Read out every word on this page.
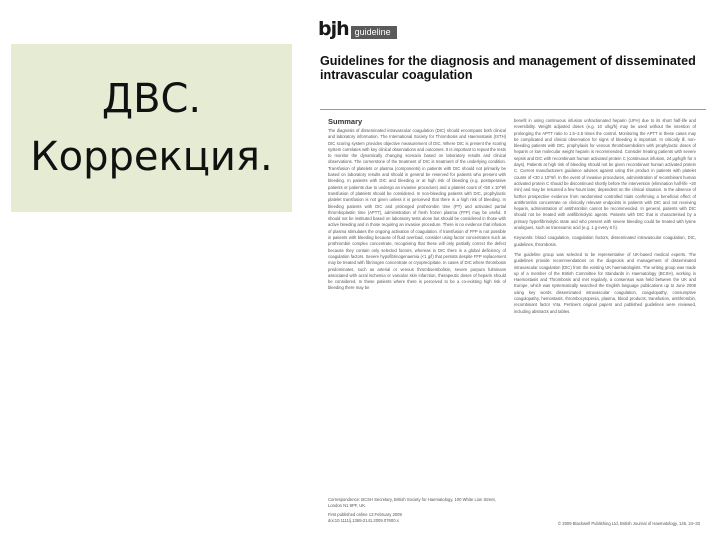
ДВС.
Коррекция.
bjh guideline
Guidelines for the diagnosis and management of disseminated intravascular coagulation
Summary

The diagnosis of disseminated intravascular coagulation (DIC) should encompass both clinical and laboratory information. The International Society for Thrombosis and Haemostasis (ISTH) DIC scoring system provides objective measurement of DIC. Where DIC is present the scoring system correlates with key clinical observations and outcomes. It is important to repeat the tests to monitor the dynamically changing scenario based on laboratory results and clinical observations. The cornerstone of the treatment of DIC is treatment of the underlying condition. Transfusion of platelets or plasma (components) in patients with DIC should not primarily be based on laboratory results and should in general be reserved for patients who present with bleeding. In patients with DIC and bleeding or at high risk of bleeding (e.g. postoperative patients or patients due to undergo an invasive procedure) and a platelet count of <50 x 10^9/l transfusion of platelets should be considered. In non-bleeding patients with DIC, prophylactic platelet transfusion is not given unless it is perceived that there is a high risk of bleeding. In bleeding patients with DIC and prolonged prothrombin time (PT) and activated partial thromboplastin time (APTT), administration of fresh frozen plasma (FFP) may be useful. It should not be instituted based on laboratory tests alone but should be considered in those with active bleeding and in those requiring an invasive procedure. There is no evidence that infusion of plasma stimulates the ongoing activation of coagulation. If transfusion of FFP is not possible in patients with bleeding because of fluid overload, consider using factor concentrates such as prothrombin complex concentrate, recognising that these will only partially correct the defect because they contain only selected factors, whereas in DIC there is a global deficiency of coagulation factors. Severe hypofibrinogenaemia (<1 g/l) that persists despite FFP replacement may be treated with fibrinogen concentrate or cryoprecipitate. In cases of DIC where thrombosis predominates, such as arterial or venous thromboembolism, severe purpura fulminans associated with acral ischemia or vascular skin infarction, therapeutic doses of heparin should be considered. In these patients where there is perceived to be a co-existing high risk of bleeding there may be

benefit in using continuous infusion unfractionated heparin (UFH) due to its short half-life and reversibility. Weight adjusted doses (e.g. 10 u/kg/h) may be used without the intention of prolonging the APTT ratio to 1.5–2.5 times the control. Monitoring the APTT in these cases may be complicated and clinical observation for signs of bleeding is important. In critically ill, non-bleeding patients with DIC, prophylaxis for venous thromboembolism with prophylactic doses of heparin or low molecular weight heparin is recommended. Consider treating patients with severe sepsis and DIC with recombinant human activated protein C (continuous infusion, 24 μg/kg/h for 4 days). Patients at high risk of bleeding should not be given recombinant human activated protein C. Current manufacturers guidance advises against using this product in patients with platelet counts of <30 x 10^9/l. In the event of invasive procedures, administration of recombinant human activated protein C should be discontinued shortly before the intervention (elimination half-life ~20 min) and may be resumed a few hours later, dependent on the clinical situation. In the absence of further prospective evidence from randomised controlled trials confirming a beneficial effect of antithrombin concentrate on clinically relevant endpoints in patients with DIC and not receiving heparin, administration of antithrombin cannot be recommended. In general, patients with DIC should not be treated with antifibrinolytic agents. Patients with DIC that is characterised by a primary hyperfibrinolytic state and who present with severe bleeding could be treated with lysine analogues, such as tranexamic acid (e.g. 1 g every 8 h).

Keywords: blood coagulation, coagulation factors, disseminated intravascular coagulation, DIC, guidelines, thrombosis.

The guideline group was selected to be representative of UK-based medical experts. The guidelines provide recommendations on the diagnosis and management of disseminated intravascular coagulation (DIC) from the existing UK haematologists. The writing group was made up of a member of the British Committee for Standards in Haematology (BCSH), working in Haemostasis and Thrombosis and met regularly, a consensus was held between the UK and Europe, which was systematically searched the English language publications up to June 2008 using key words disseminated intravascular coagulation, coagulopathy, consumptive coagulopathy, hemostasis, thrombocytopenia, plasma, blood products, transfusion, antithrombin, recombinant factor VIIa. Pertinent original papers and published guidelines were reviewed, including abstracts and tables.

Correspondence: BCSH Secretary, British Society for Haematology, 100 White Lion Street, London N1 9PF, UK.
First published online 13 February 2009
doi:10.1111/j.1365-2141.2009.07600.x
© 2009 Blackwell Publishing Ltd, British Journal of Haematology, 145, 24–33
